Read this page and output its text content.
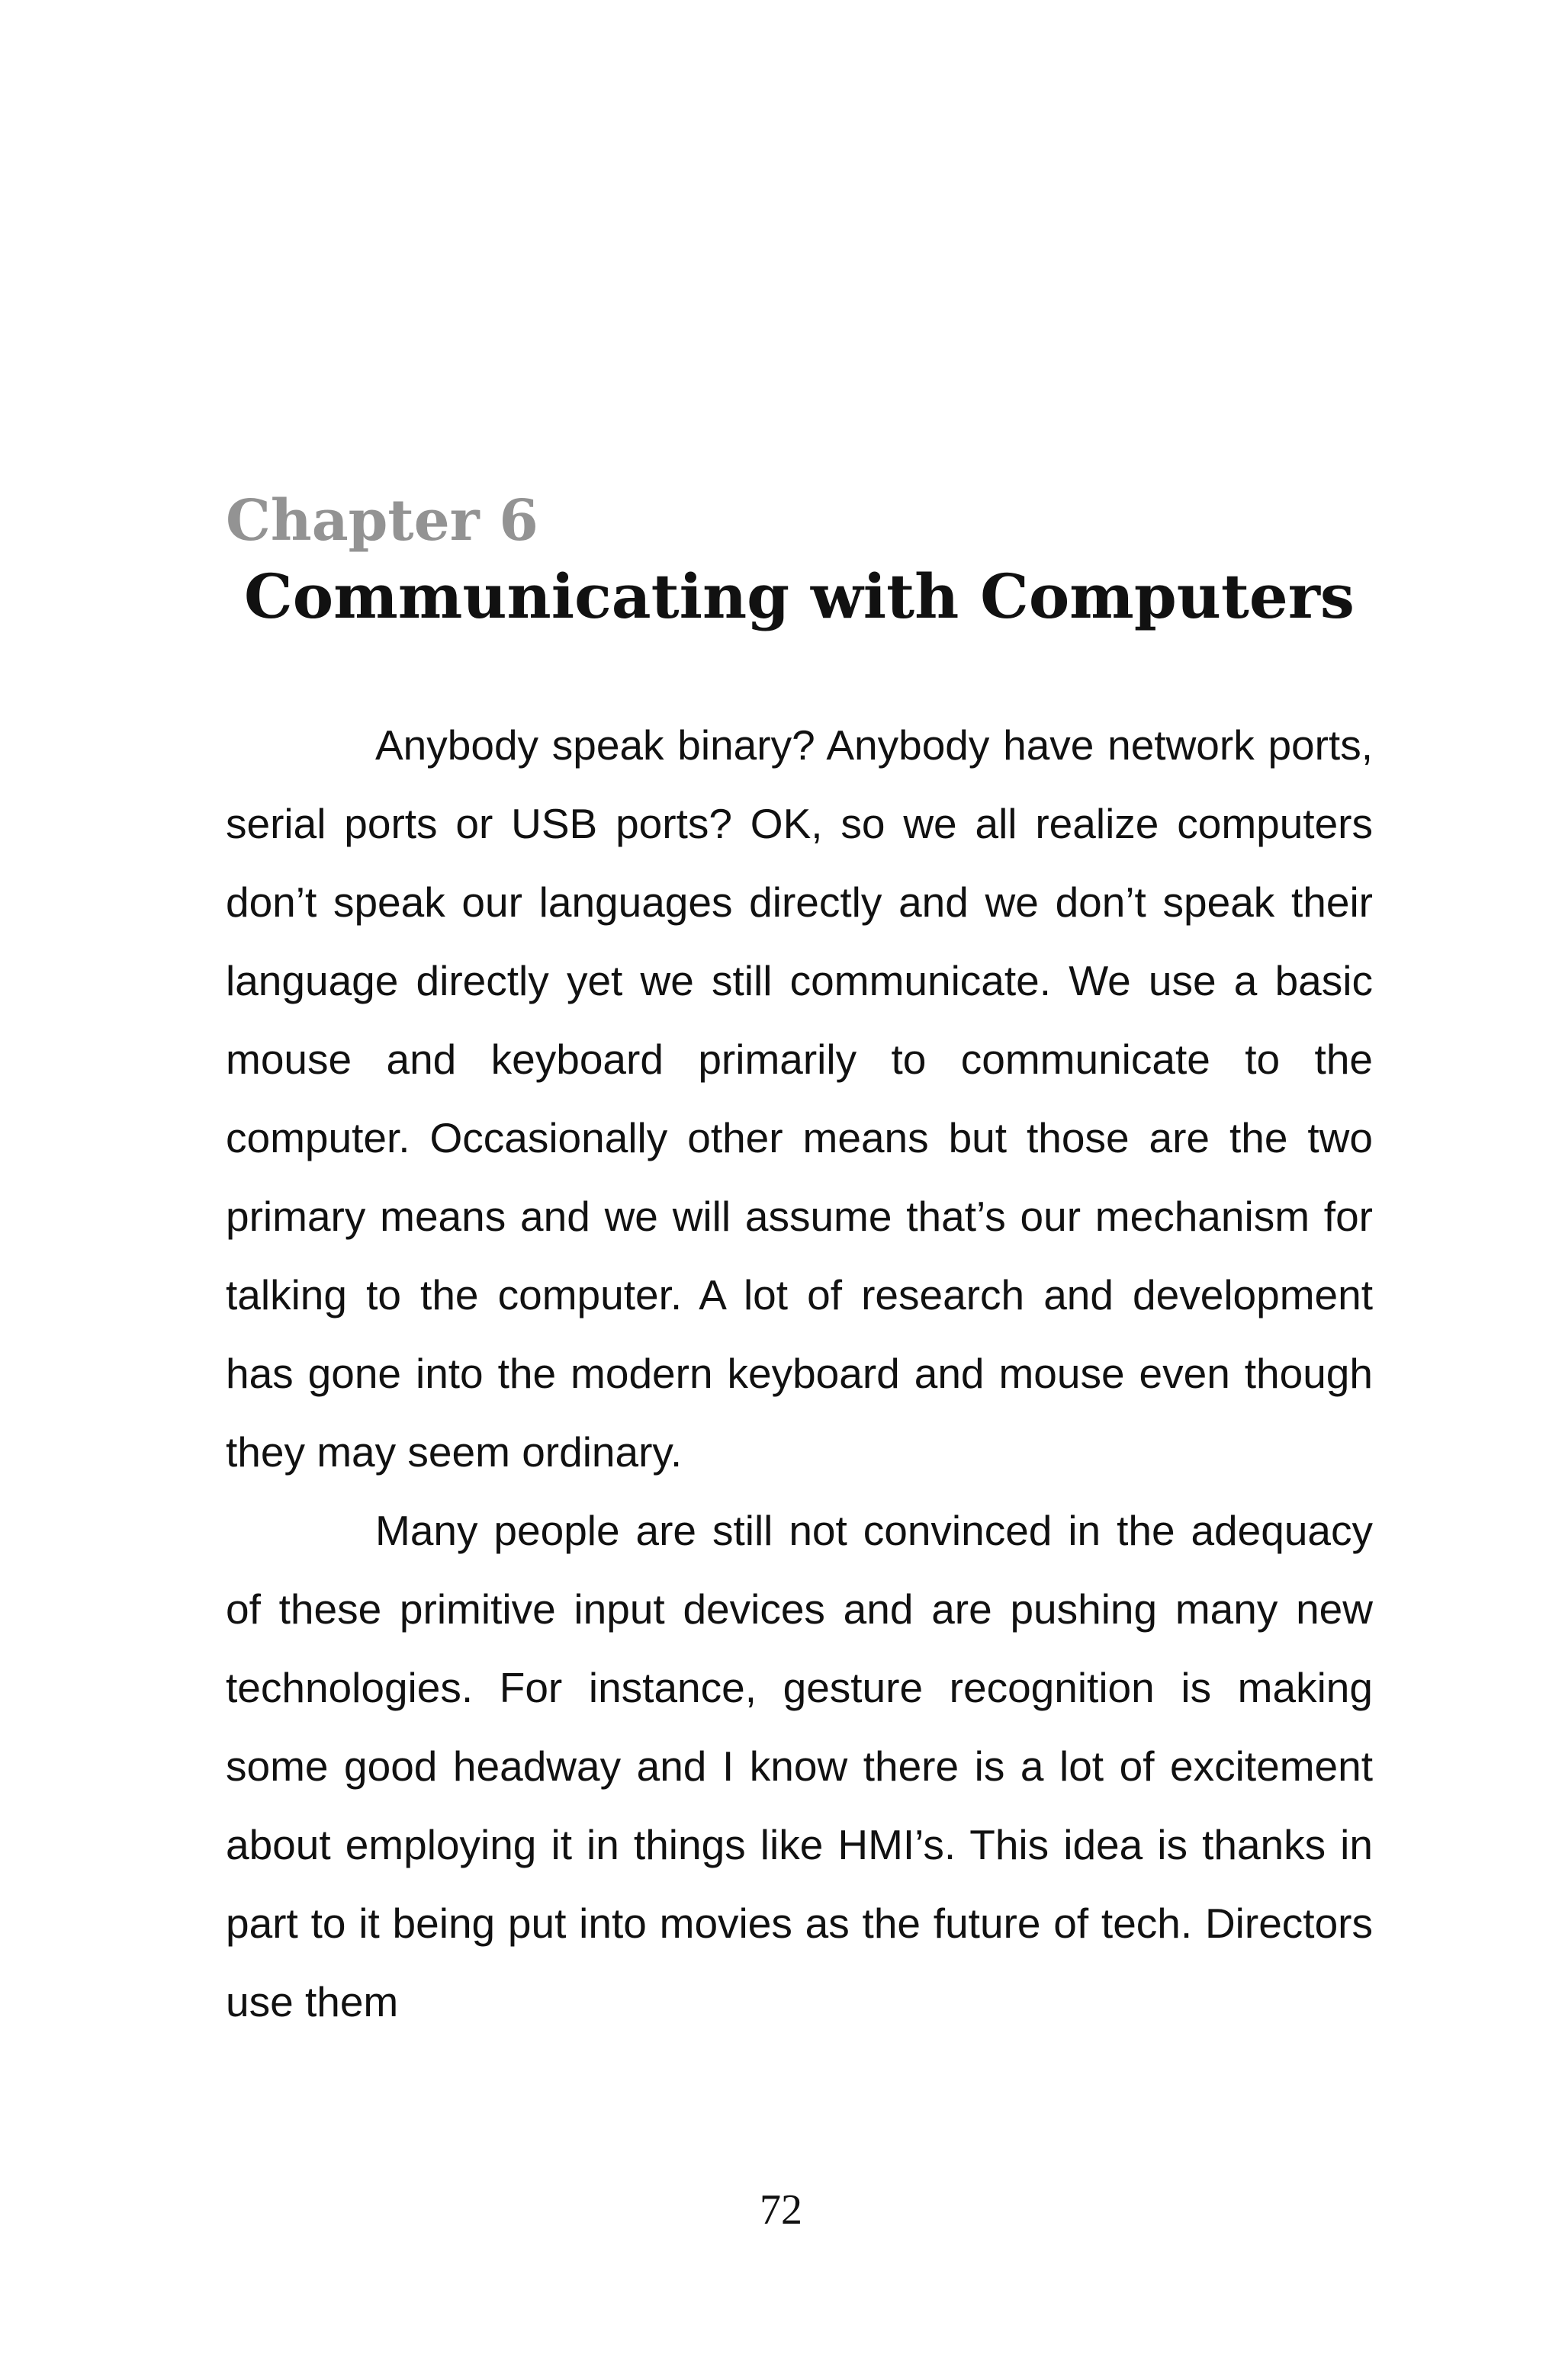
Chapter 6
Communicating with Computers

Anybody speak binary? Anybody have network ports, serial ports or USB ports? OK, so we all realize computers don’t speak our languages directly and we don’t speak their language directly yet we still communicate. We use a basic mouse and keyboard primarily to communicate to the computer. Occasionally other means but those are the two primary means and we will assume that’s our mechanism for talking to the computer. A lot of research and development has gone into the modern keyboard and mouse even though they may seem ordinary.

Many people are still not convinced in the adequacy of these primitive input devices and are pushing many new technologies. For instance, gesture recognition is making some good headway and I know there is a lot of excitement about employing it in things like HMI’s. This idea is thanks in part to it being put into movies as the future of tech. Directors use them

72
